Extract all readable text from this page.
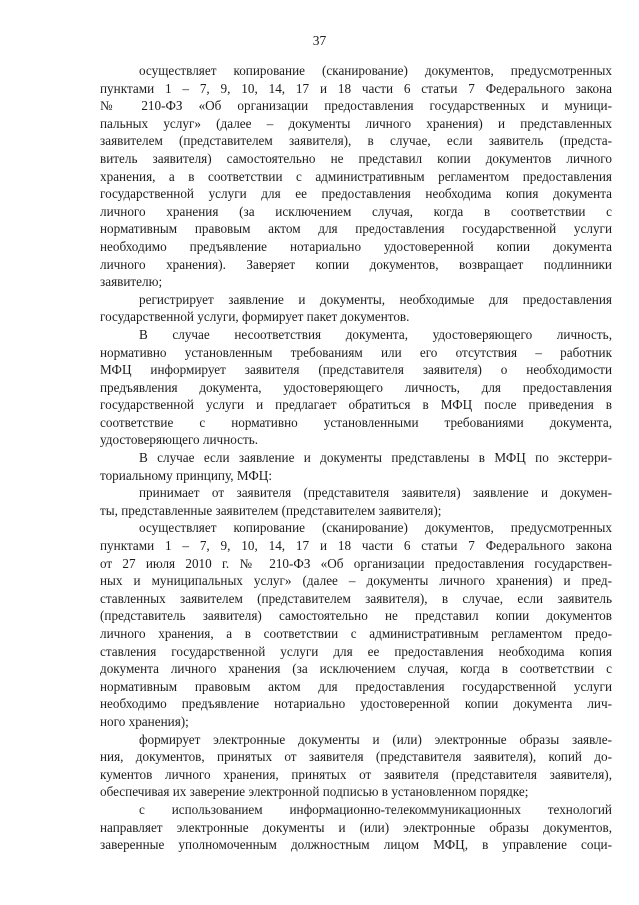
37
осуществляет копирование (сканирование) документов, предусмотренных
пунктами 1 – 7, 9, 10, 14, 17 и 18 части 6 статьи 7 Федерального закона
№ 210-ФЗ «Об организации предоставления государственных и муници-
пальных услуг» (далее – документы личного хранения) и представленных
заявителем (представителем заявителя), в случае, если заявитель (предста-
витель заявителя) самостоятельно не представил копии документов личного
хранения, а в соответствии с административным регламентом предоставления
государственной услуги для ее предоставления необходима копия документа
личного хранения (за исключением случая, когда в соответствии с
нормативным правовым актом для предоставления государственной услуги
необходимо предъявление нотариально удостоверенной копии документа
личного хранения). Заверяет копии документов, возвращает подлинники
заявителю;
регистрирует заявление и документы, необходимые для предоставления
государственной услуги, формирует пакет документов.
В случае несоответствия документа, удостоверяющего личность,
нормативно установленным требованиям или его отсутствия – работник
МФЦ информирует заявителя (представителя заявителя) о необходимости
предъявления документа, удостоверяющего личность, для предоставления
государственной услуги и предлагает обратиться в МФЦ после приведения в
соответствие с нормативно установленными требованиями документа,
удостоверяющего личность.
В случае если заявление и документы представлены в МФЦ по экстерри-
ториальному принципу, МФЦ:
принимает от заявителя (представителя заявителя) заявление и докумен-
ты, представленные заявителем (представителем заявителя);
осуществляет копирование (сканирование) документов, предусмотренных
пунктами 1 – 7, 9, 10, 14, 17 и 18 части 6 статьи 7 Федерального закона
от 27 июля 2010 г. № 210-ФЗ «Об организации предоставления государствен-
ных и муниципальных услуг» (далее – документы личного хранения) и пред-
ставленных заявителем (представителем заявителя), в случае, если заявитель
(представитель заявителя) самостоятельно не представил копии документов
личного хранения, а в соответствии с административным регламентом предо-
ставления государственной услуги для ее предоставления необходима копия
документа личного хранения (за исключением случая, когда в соответствии с
нормативным правовым актом для предоставления государственной услуги
необходимо предъявление нотариально удостоверенной копии документа лич-
ного хранения);
формирует электронные документы и (или) электронные образы заявле-
ния, документов, принятых от заявителя (представителя заявителя), копий до-
кументов личного хранения, принятых от заявителя (представителя заявителя),
обеспечивая их заверение электронной подписью в установленном порядке;
с использованием информационно-телекоммуникационных технологий
направляет электронные документы и (или) электронные образы документов,
заверенные уполномоченным должностным лицом МФЦ, в управление соци-
